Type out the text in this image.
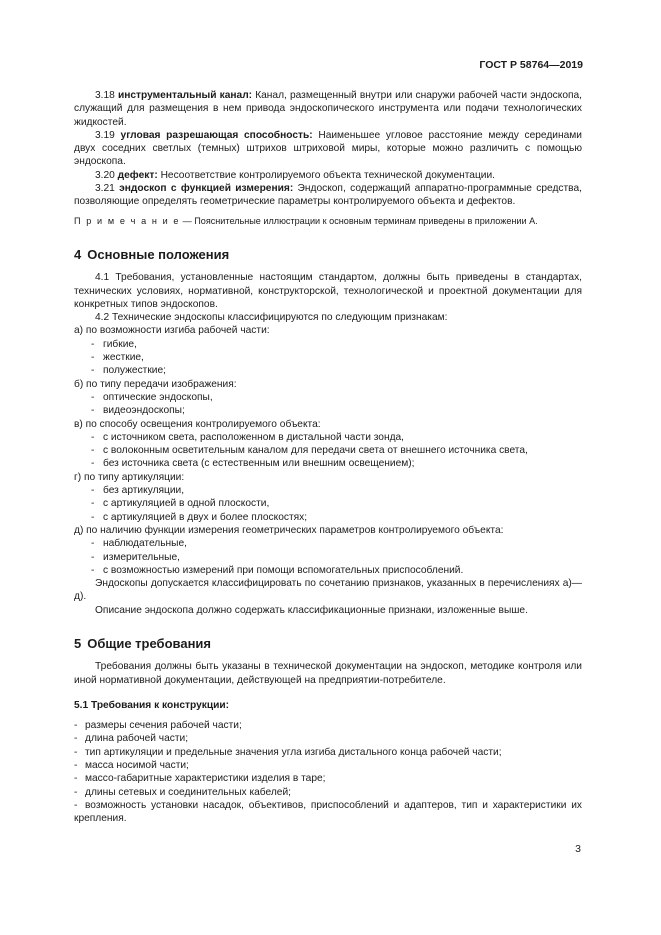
ГОСТ Р 58764—2019

3.18 инструментальный канал: Канал, размещенный внутри или снаружи рабочей части эндоскопа, служащий для размещения в нем привода эндоскопического инструмента или подачи технологических жидкостей.

3.19 угловая разрешающая способность: Наименьшее угловое расстояние между серединами двух соседних светлых (темных) штрихов штриховой миры, которые можно различить с помощью эндоскопа.

3.20 дефект: Несоответствие контролируемого объекта технической документации.

3.21 эндоскоп с функцией измерения: Эндоскоп, содержащий аппаратно-программные средства, позволяющие определять геометрические параметры контролируемого объекта и дефектов.

П р и м е ч а н и е — Пояснительные иллюстрации к основным терминам приведены в приложении А.

4 Основные положения

4.1 Требования, установленные настоящим стандартом, должны быть приведены в стандартах, технических условиях, нормативной, конструкторской, технологической и проектной документации для конкретных типов эндоскопов.

4.2 Технические эндоскопы классифицируются по следующим признакам:

а) по возможности изгиба рабочей части:

- гибкие,

- жесткие,

- полужесткие;

б) по типу передачи изображения:

- оптические эндоскопы,

- видеоэндоскопы;

в) по способу освещения контролируемого объекта:

- с источником света, расположенном в дистальной части зонда,

- с волоконным осветительным каналом для передачи света от внешнего источника света,

- без источника света (с естественным или внешним освещением);

г) по типу артикуляции:

- без артикуляции,

- с артикуляцией в одной плоскости,

- с артикуляцией в двух и более плоскостях;

д) по наличию функции измерения геометрических параметров контролируемого объекта:

- наблюдательные,

- измерительные,

- с возможностью измерений при помощи вспомогательных приспособлений.

Эндоскопы допускается классифицировать по сочетанию признаков, указанных в перечислениях а)—д).

Описание эндоскопа должно содержать классификационные признаки, изложенные выше.

5 Общие требования

Требования должны быть указаны в технической документации на эндоскоп, методике контроля или иной нормативной документации, действующей на предприятии-потребителе.

5.1 Требования к конструкции:

- размеры сечения рабочей части;

- длина рабочей части;

- тип артикуляции и предельные значения угла изгиба дистального конца рабочей части;

- масса носимой части;

- массо-габаритные характеристики изделия в таре;

- длины сетевых и соединительных кабелей;

- возможность установки насадок, объективов, приспособлений и адаптеров, тип и характеристики их крепления.

3
